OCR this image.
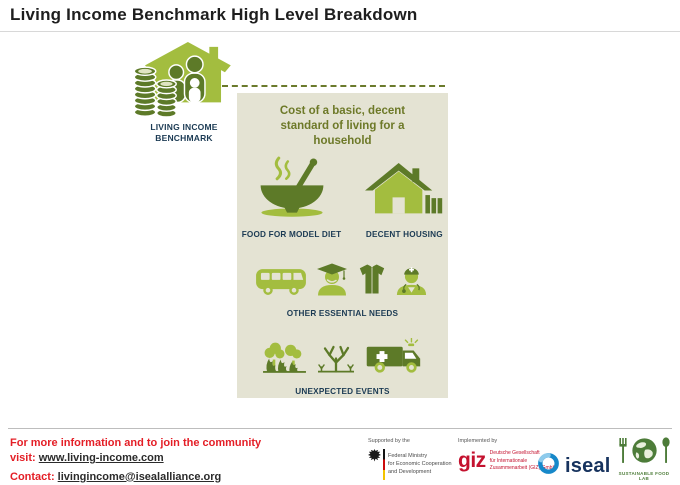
Living Income Benchmark High Level Breakdown
LIVING INCOME BENCHMARK
Cost of a basic, decent standard of living for a household
FOOD FOR MODEL DIET	DECENT HOUSING
OTHER ESSENTIAL NEEDS
UNEXPECTED EVENTS
For more information and to join the community
visit: www.living-income.com
Contact: livingincome@isealalliance.org
Supported by the
Federal Ministry
for Economic Cooperation
and Development
Implemented by
giz Deutsche Gesellschaft
für Internationale
Zusammenarbeit (GIZ) GmbH iseal	SUSTAINABLE FOOD LAB
